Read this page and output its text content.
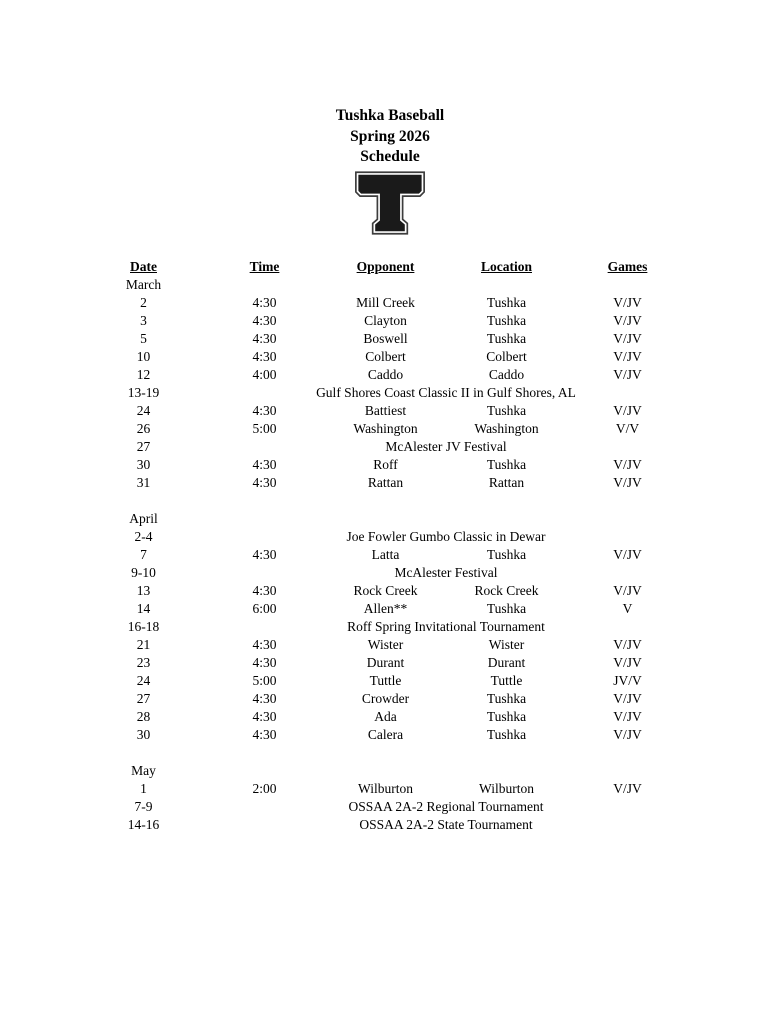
Tushka Baseball
Spring 2026
Schedule
Date	Time	Opponent	Location	Games
March				
2	4:30	Mill Creek	Tushka	V/JV
3	4:30	Clayton	Tushka	V/JV
5	4:30	Boswell	Tushka	V/JV
10	4:30	Colbert	Colbert	V/JV
12	4:00	Caddo	Caddo	V/JV
13-19	Gulf Shores Coast Classic II in Gulf Shores, AL			
24	4:30	Battiest	Tushka	V/JV
26	5:00	Washington	Washington	V/V
27	McAlester JV Festival			
30	4:30	Roff	Tushka	V/JV
31	4:30	Rattan	Rattan	V/JV

April				
2-4	Joe Fowler Gumbo Classic in Dewar			
7	4:30	Latta	Tushka	V/JV
9-10	McAlester Festival			
13	4:30	Rock Creek	Rock Creek	V/JV
14	6:00	Allen**	Tushka	V
16-18	Roff Spring Invitational Tournament			
21	4:30	Wister	Wister	V/JV
23	4:30	Durant	Durant	V/JV
24	5:00	Tuttle	Tuttle	JV/V
27	4:30	Crowder	Tushka	V/JV
28	4:30	Ada	Tushka	V/JV
30	4:30	Calera	Tushka	V/JV

May				
1	2:00	Wilburton	Wilburton	V/JV
7-9	OSSAA 2A-2 Regional Tournament			
14-16	OSSAA 2A-2 State Tournament			
